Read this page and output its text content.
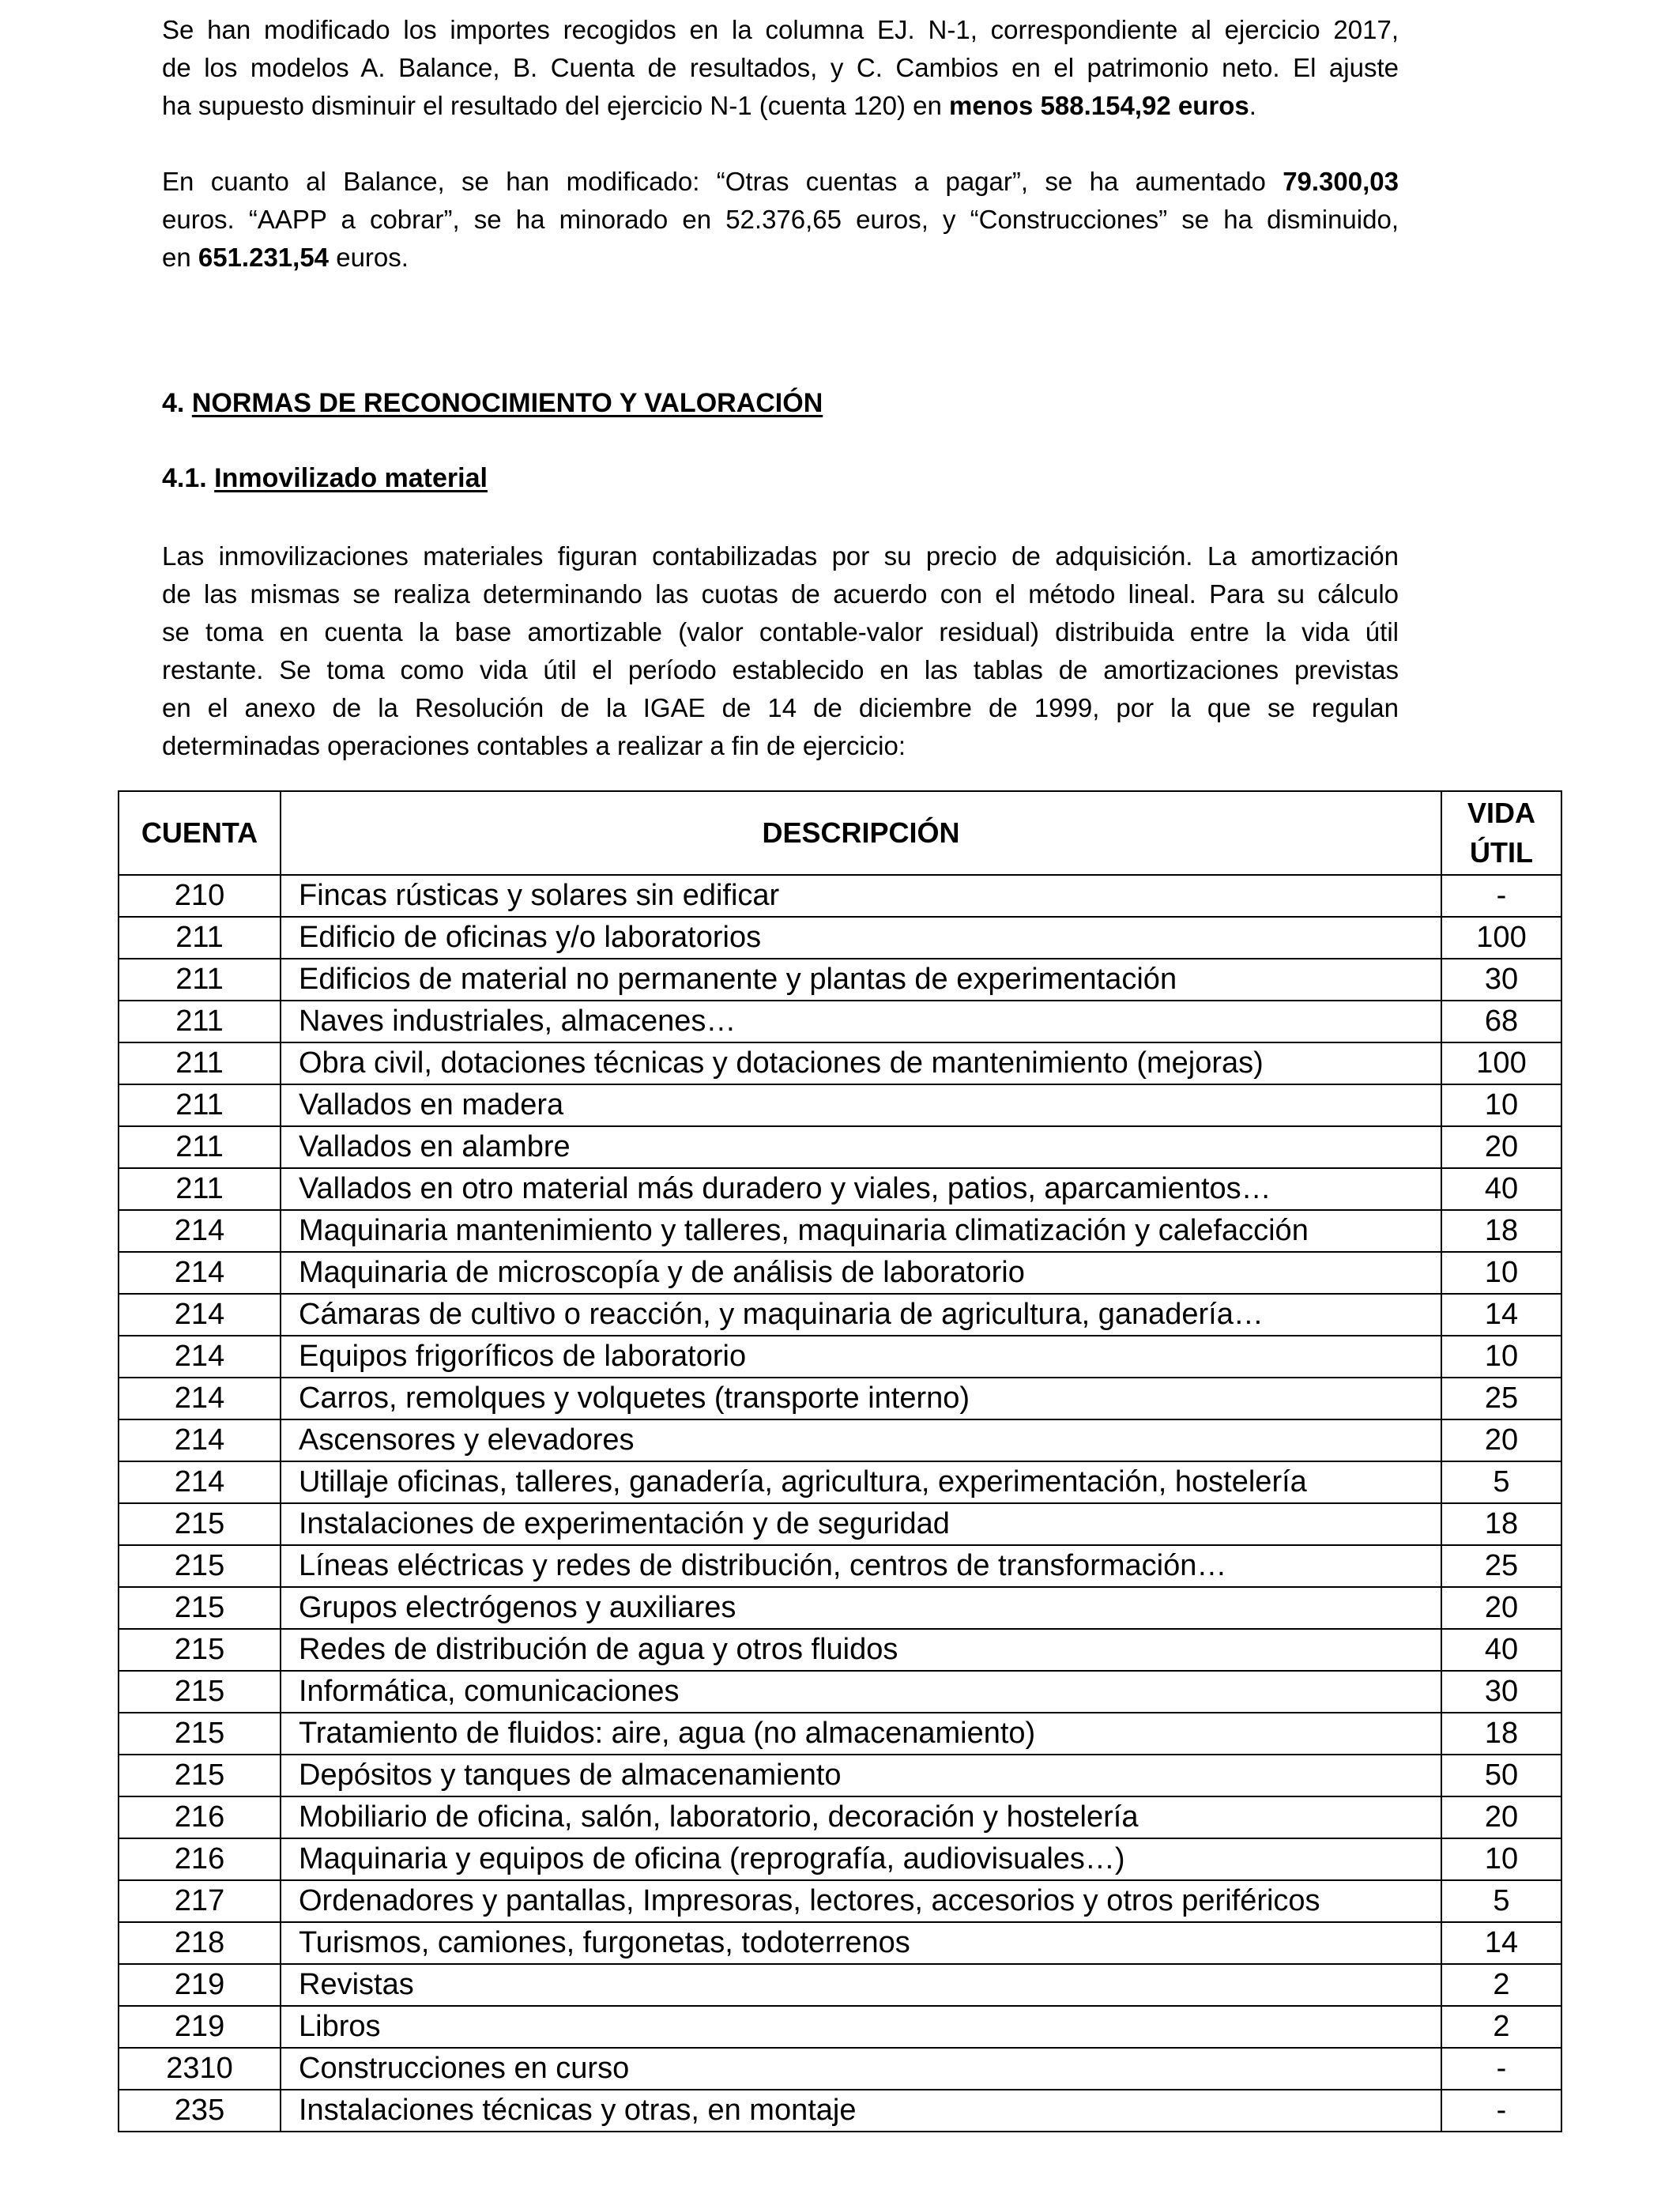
Se han modificado los importes recogidos en la columna EJ. N-1, correspondiente al ejercicio 2017,
de los modelos A. Balance, B. Cuenta de resultados, y C. Cambios en el patrimonio neto. El ajuste
ha supuesto disminuir el resultado del ejercicio N-1 (cuenta 120) en menos 588.154,92 euros.
En cuanto al Balance, se han modificado: “Otras cuentas a pagar”, se ha aumentado 79.300,03
euros. “AAPP a cobrar”, se ha minorado en 52.376,65 euros, y “Construcciones” se ha disminuido,
en 651.231,54 euros.
4. NORMAS DE RECONOCIMIENTO Y VALORACIÓN
4.1. Inmovilizado material
Las inmovilizaciones materiales figuran contabilizadas por su precio de adquisición. La amortización
de las mismas se realiza determinando las cuotas de acuerdo con el método lineal. Para su cálculo
se toma en cuenta la base amortizable (valor contable-valor residual) distribuida entre la vida útil
restante. Se toma como vida útil el período establecido en las tablas de amortizaciones previstas
en el anexo de la Resolución de la IGAE de 14 de diciembre de 1999, por la que se regulan
determinadas operaciones contables a realizar a fin de ejercicio:
CUENTA	DESCRIPCIÓN	VIDA
ÚTIL
210	Fincas rústicas y solares sin edificar	-
211	Edificio de oficinas y/o laboratorios	100
211	Edificios de material no permanente y plantas de experimentación	30
211	Naves industriales, almacenes…	68
211	Obra civil, dotaciones técnicas y dotaciones de mantenimiento (mejoras)	100
211	Vallados en madera	10
211	Vallados en alambre	20
211	Vallados en otro material más duradero y viales, patios, aparcamientos…	40
214	Maquinaria mantenimiento y talleres, maquinaria climatización y calefacción	18
214	Maquinaria de microscopía y de análisis de laboratorio	10
214	Cámaras de cultivo o reacción, y maquinaria de agricultura, ganadería…	14
214	Equipos frigoríficos de laboratorio	10
214	Carros, remolques y volquetes (transporte interno)	25
214	Ascensores y elevadores	20
214	Utillaje oficinas, talleres, ganadería, agricultura, experimentación, hostelería	5
215	Instalaciones de experimentación y de seguridad	18
215	Líneas eléctricas y redes de distribución, centros de transformación…	25
215	Grupos electrógenos y auxiliares	20
215	Redes de distribución de agua y otros fluidos	40
215	Informática, comunicaciones	30
215	Tratamiento de fluidos: aire, agua (no almacenamiento)	18
215	Depósitos y tanques de almacenamiento	50
216	Mobiliario de oficina, salón, laboratorio, decoración y hostelería	20
216	Maquinaria y equipos de oficina (reprografía, audiovisuales…)	10
217	Ordenadores y pantallas, Impresoras, lectores, accesorios y otros periféricos	5
218	Turismos, camiones, furgonetas, todoterrenos	14
219	Revistas	2
219	Libros	2
2310	Construcciones en curso	-
235	Instalaciones técnicas y otras, en montaje	-
